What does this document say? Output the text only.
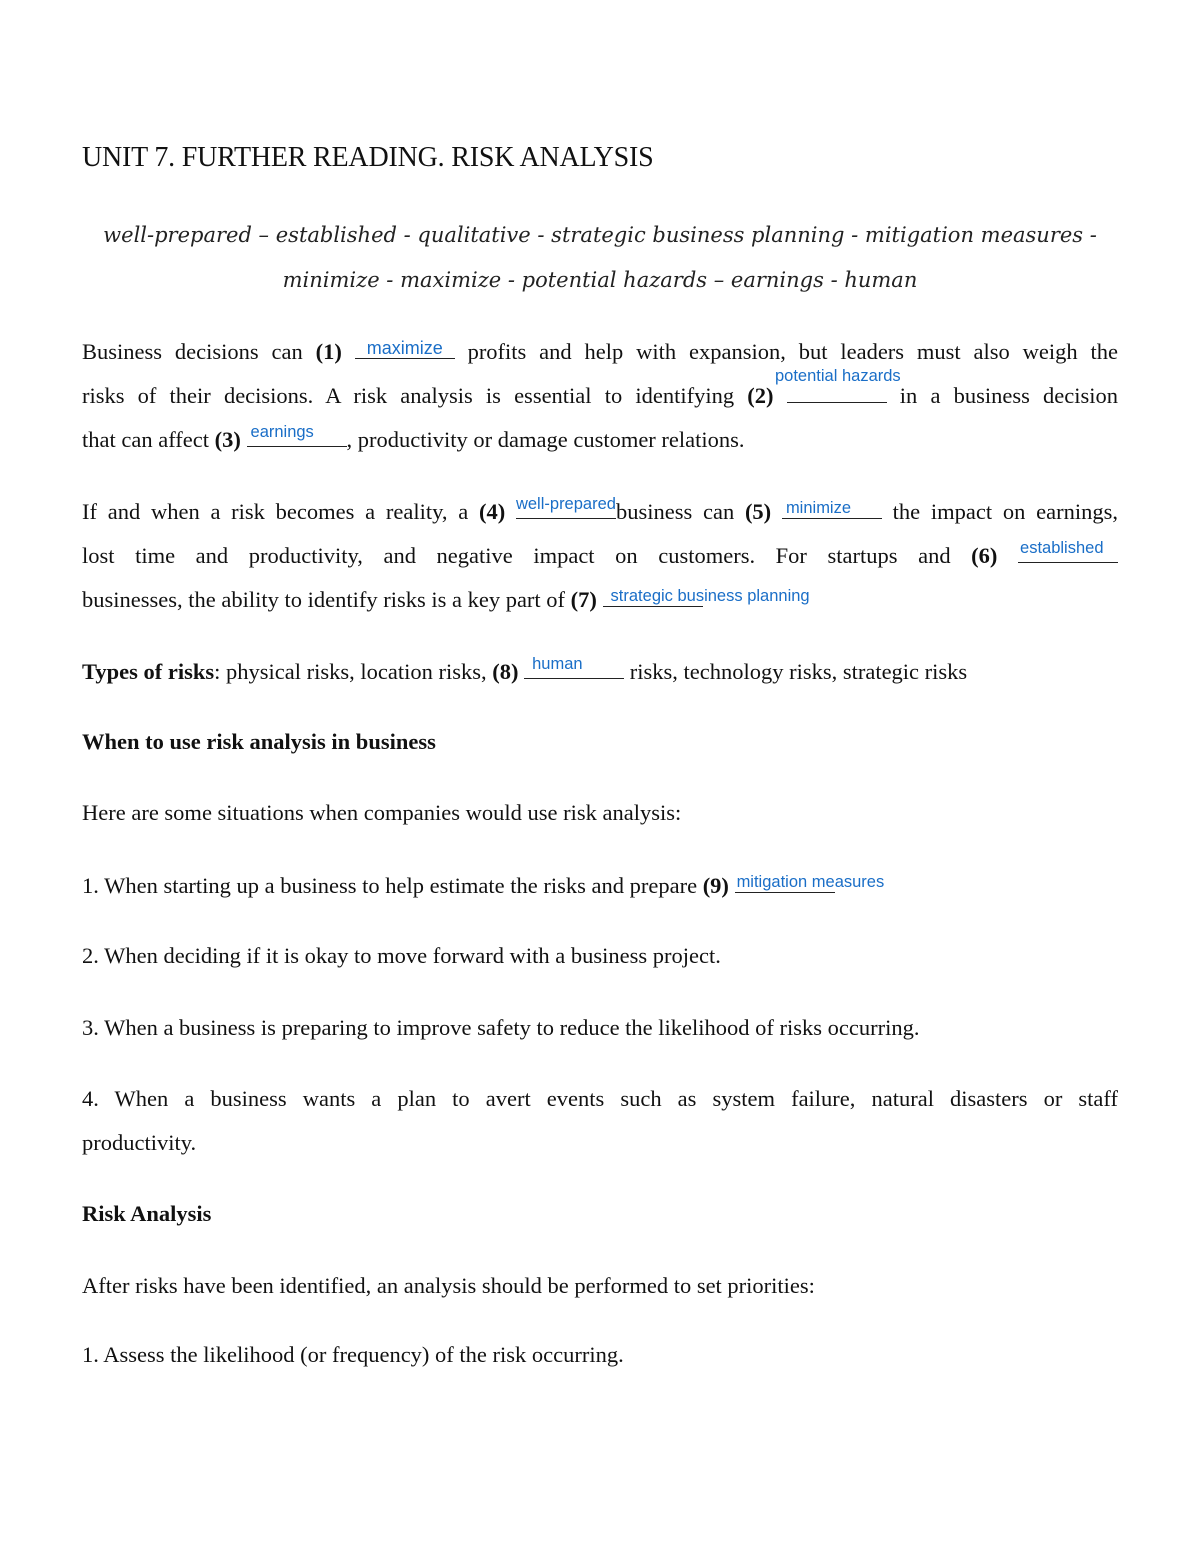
UNIT 7. FURTHER READING. RISK ANALYSIS
well-prepared – established - qualitative - strategic business planning - mitigation measures -
minimize - maximize - potential hazards – earnings - human
Business decisions can (1) maximize profits and help with expansion, but leaders must also weigh the
potential hazards
risks of their decisions. A risk analysis is essential to identifying (2)	in a business decision
that can affect (3) earnings , productivity or damage customer relations.
If and when a risk becomes a reality, a (4) well-prepared business can (5) minimize the impact on earnings,
lost time and productivity, and negative impact on customers. For startups and (6) established
businesses, the ability to identify risks is a key part of (7) strategic business planning
Types of risks: physical risks, location risks, (8) human risks, technology risks, strategic risks
When to use risk analysis in business
Here are some situations when companies would use risk analysis:
1. When starting up a business to help estimate the risks and prepare (9) mitigation measures
2. When deciding if it is okay to move forward with a business project.
3. When a business is preparing to improve safety to reduce the likelihood of risks occurring.
4. When a business wants a plan to avert events such as system failure, natural disasters or staff
productivity.
Risk Analysis
After risks have been identified, an analysis should be performed to set priorities:
1. Assess the likelihood (or frequency) of the risk occurring.
